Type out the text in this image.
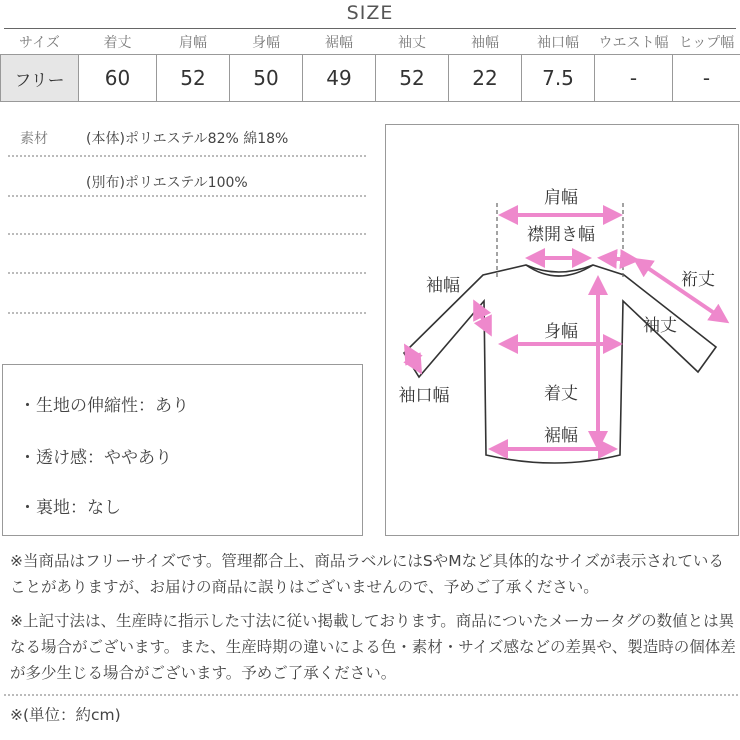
SIZE
サイズ	着丈	肩幅	身幅	裾幅	袖丈	袖幅	袖口幅	ウエスト幅	ヒップ幅
フリー	60	52	50	49	52	22	7.5	-	-
素材	(本体)ポリエステル82% 綿18%
(別布)ポリエステル100%
・生地の伸縮性：あり
・透け感：ややあり
・裏地：なし
肩幅
襟開き幅
袖幅	裄丈
袖丈
身幅
袖口幅	着丈
裾幅

※当商品はフリーサイズです。管理都合上、商品ラベルにはSやMなど具体的なサイズが表示されていることがありますが、お届けの商品に誤りはございませんので、予めご了承ください。

※上記寸法は、生産時に指示した寸法に従い掲載しております。商品についたメーカータグの数値とは異なる場合がございます。また、生産時期の違いによる色・素材・サイズ感などの差異や、製造時の個体差が多少生じる場合がございます。予めご了承ください。

※(単位：約cm)
